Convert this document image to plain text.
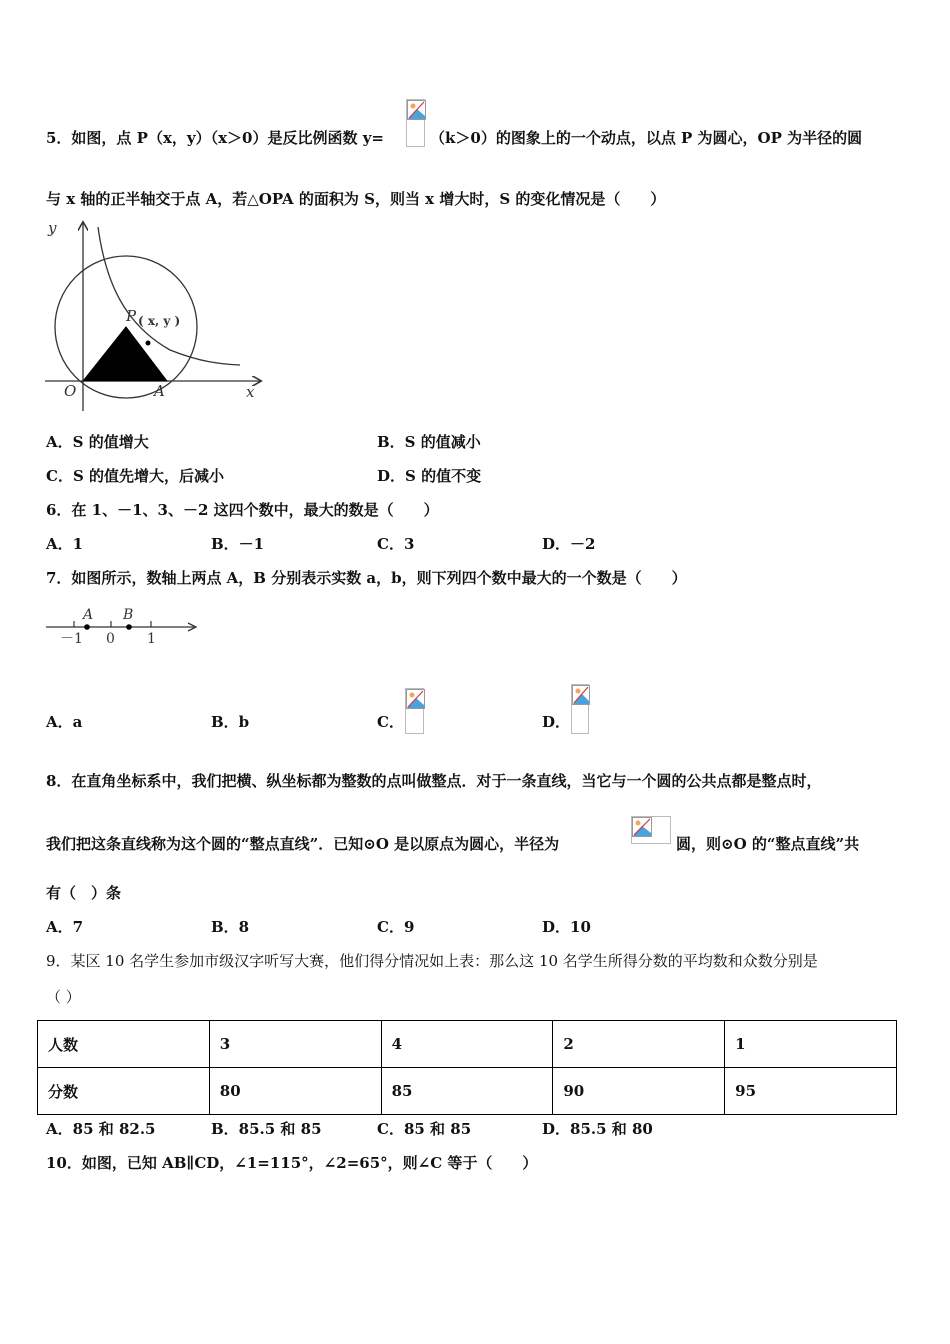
5．如图，点 P（x，y）（x＞0）是反比例函数 y=	（k＞0）的图象上的一个动点，以点 P 为圆心，OP 为半径的圆
与 x 轴的正半轴交于点 A，若△OPA 的面积为 S，则当 x 增大时，S 的变化情况是（　　）
y
x
O	A
P ( x, y )
A．S 的值增大	B．S 的值减小
C．S 的值先增大，后减小	D．S 的值不变
6．在 1、－1、3、－2 这四个数中，最大的数是（　　）
A．1	B．－1	C．3	D．－2
7．如图所示，数轴上两点 A，B 分别表示实数 a，b，则下列四个数中最大的一个数是（　　）
A B
－1 0 1
A．a	B．b	C．	D．
8．在直角坐标系中，我们把横、纵坐标都为整数的点叫做整点．对于一条直线，当它与一个圆的公共点都是整点时，
我们把这条直线称为这个圆的“整点直线”．已知⊙O 是以原点为圆心，半径为	圆，则⊙O 的“整点直线”共
有（　）条
A．7	B．8	C．9	D．10
9．某区 10 名学生参加市级汉字听写大赛，他们得分情况如上表：那么这 10 名学生所得分数的平均数和众数分别是
（ ）
人数	3	4	2	1
分数	80	85	90	95
A．85 和 82.5	B．85.5 和 85	C．85 和 85	D．85.5 和 80
10．如图，已知 AB∥CD，∠1=115°，∠2=65°，则∠C 等于（　　）
